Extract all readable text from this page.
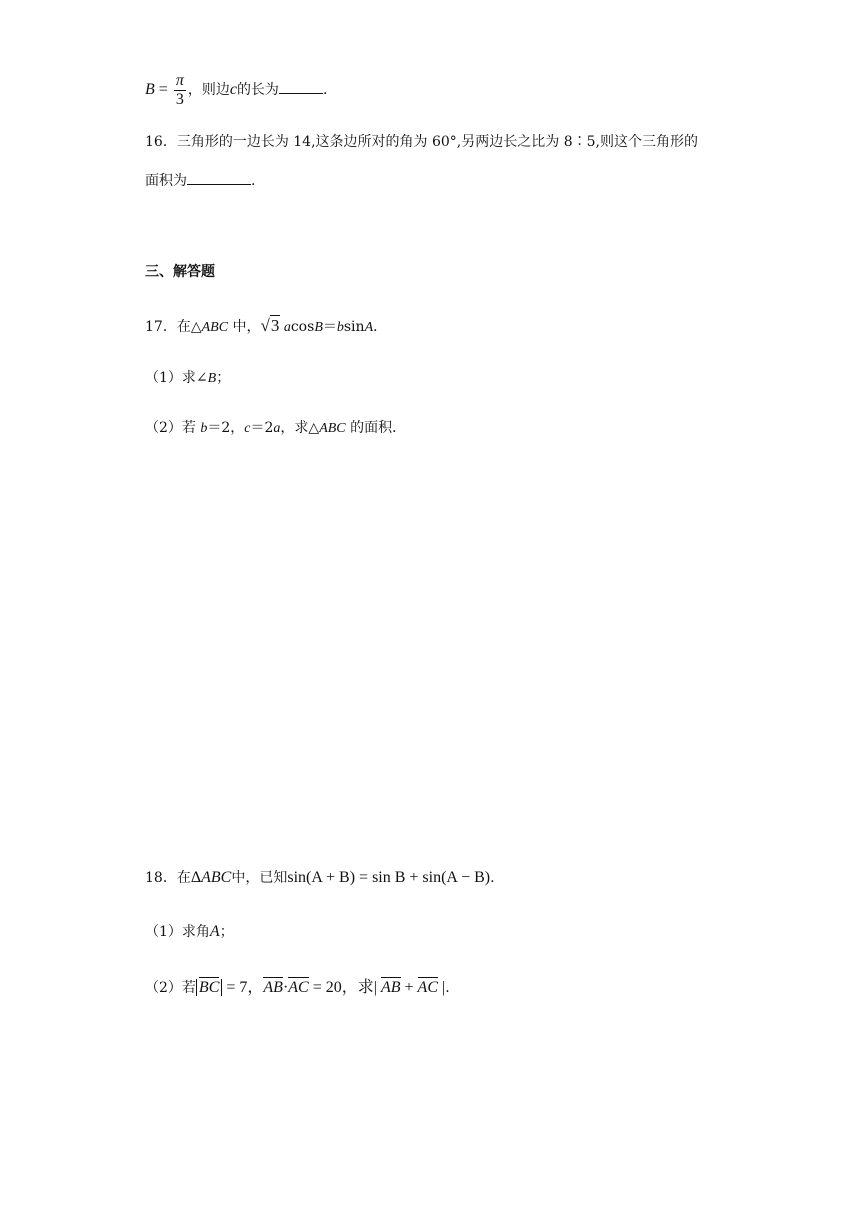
$B = \frac{\pi}{3}$ ，则边c的长为	.
16．三角形的一边长为 14,这条边所对的角为 60°,另两边长之比为 8∶5,则这个三角形的
面积为	.
三、解答题
17．在△ABC 中，√3 acosB＝bsinA．
（1）求∠B；
（2）若 b＝2，c＝2a，求△ABC 的面积．
18．在ΔABC中，已知sin(A + B) = sin B + sin(A − B).
（1）求角A；
（2）若 BC = 7，AB·AC = 20，求| AB + AC |.
